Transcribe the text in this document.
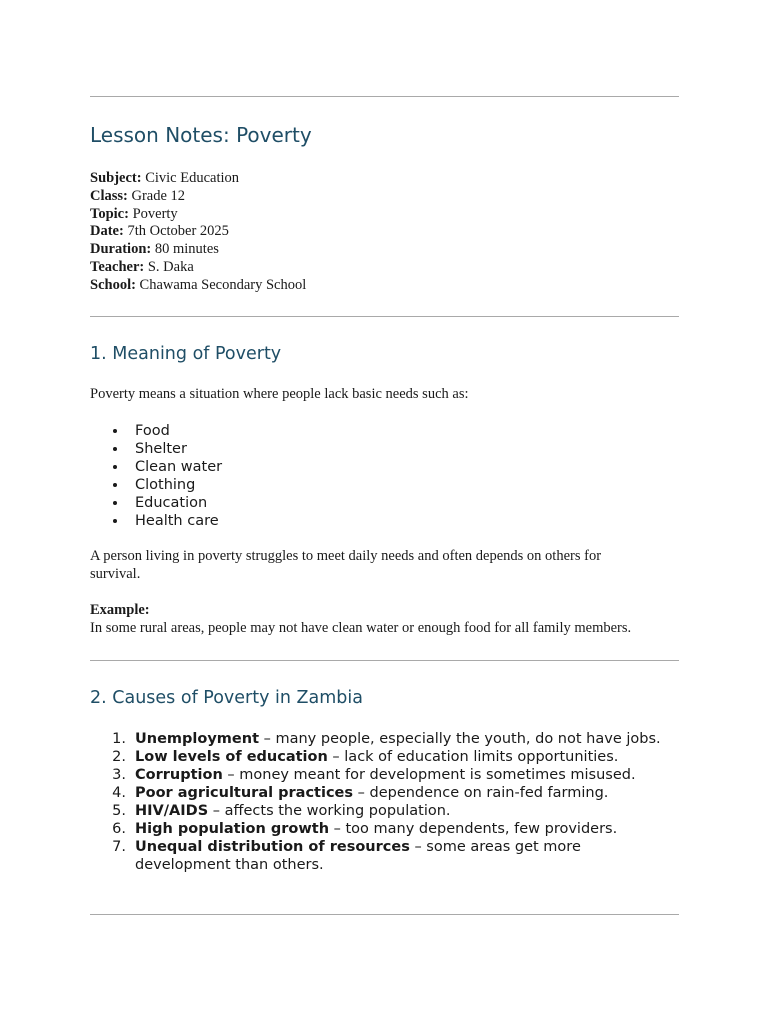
Lesson Notes: Poverty
Subject: Civic Education
Class: Grade 12
Topic: Poverty
Date: 7th October 2025
Duration: 80 minutes
Teacher: S. Daka
School: Chawama Secondary School
1. Meaning of Poverty
Poverty means a situation where people lack basic needs such as:
Food
Shelter
Clean water
Clothing
Education
Health care
A person living in poverty struggles to meet daily needs and often depends on others for survival.
Example:
In some rural areas, people may not have clean water or enough food for all family members.
2. Causes of Poverty in Zambia
1. Unemployment – many people, especially the youth, do not have jobs.
2. Low levels of education – lack of education limits opportunities.
3. Corruption – money meant for development is sometimes misused.
4. Poor agricultural practices – dependence on rain-fed farming.
5. HIV/AIDS – affects the working population.
6. High population growth – too many dependents, few providers.
7. Unequal distribution of resources – some areas get more development than others.
